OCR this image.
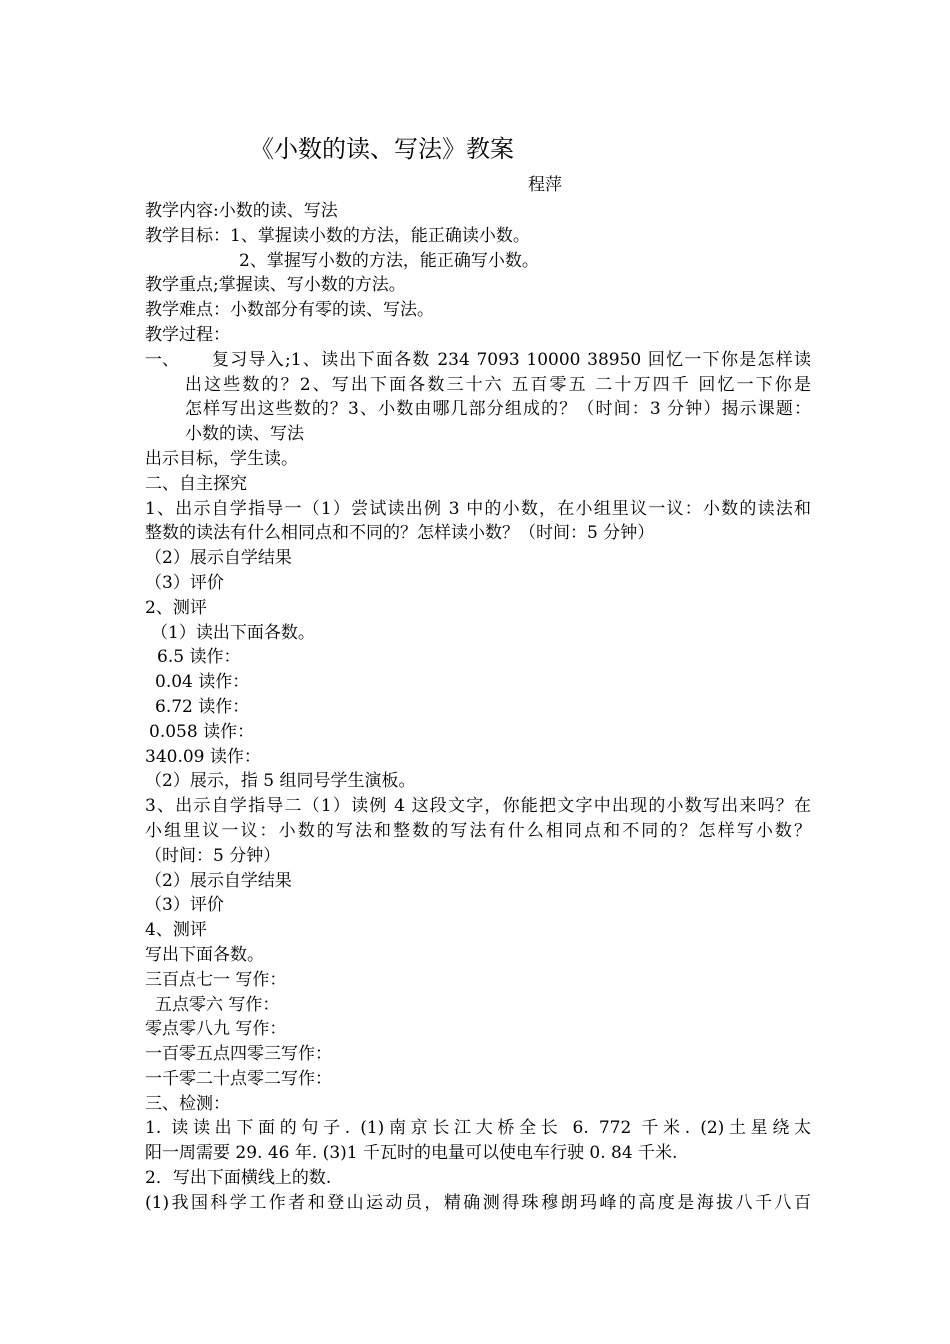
《小数的读、写法》教案
程萍
教学内容:小数的读、写法
教学目标：1、掌握读小数的方法，能正确读小数。
2、掌握写小数的方法，能正确写小数。
教学重点;掌握读、写小数的方法。
教学难点：小数部分有零的读、写法。
教学过程：
一、	复习导入;1、读出下面各数 234 7093 10000 38950 回忆一下你是怎样读
出这些数的？2、写出下面各数三十六 五百零五 二十万四千 回忆一下你是
怎样写出这些数的？3、小数由哪几部分组成的？（时间：3 分钟）揭示课题：
小数的读、写法
出示目标，学生读。
二、自主探究
1、出示自学指导一（1）尝试读出例 3 中的小数，在小组里议一议：小数的读法和
整数的读法有什么相同点和不同的？怎样读小数？（时间：5 分钟）
（2）展示自学结果
（3）评价
2、测评
（1）读出下面各数。
6.5 读作：
0.04 读作：
6.72 读作：
0.058 读作：
340.09 读作：
（2）展示，指 5 组同号学生演板。
3、出示自学指导二（1）读例 4 这段文字，你能把文字中出现的小数写出来吗？在
小组里议一议：小数的写法和整数的写法有什么相同点和不同的？怎样写小数？
（时间：5 分钟）
（2）展示自学结果
（3）评价
4、测评
写出下面各数。
三百点七一 写作：
五点零六 写作：
零点零八九 写作：
一百零五点四零三写作：
一千零二十点零二写作：
三、检测：
1. 读读出下面的句子. (1)南京长江大桥全长 6. 772 千米. (2)土星绕太
阳一周需要 29. 46 年. (3)1 千瓦时的电量可以使电车行驶 0. 84 千米.
2．写出下面横线上的数.
(1)我国科学工作者和登山运动员，精确测得珠穆朗玛峰的高度是海拔八千八百
